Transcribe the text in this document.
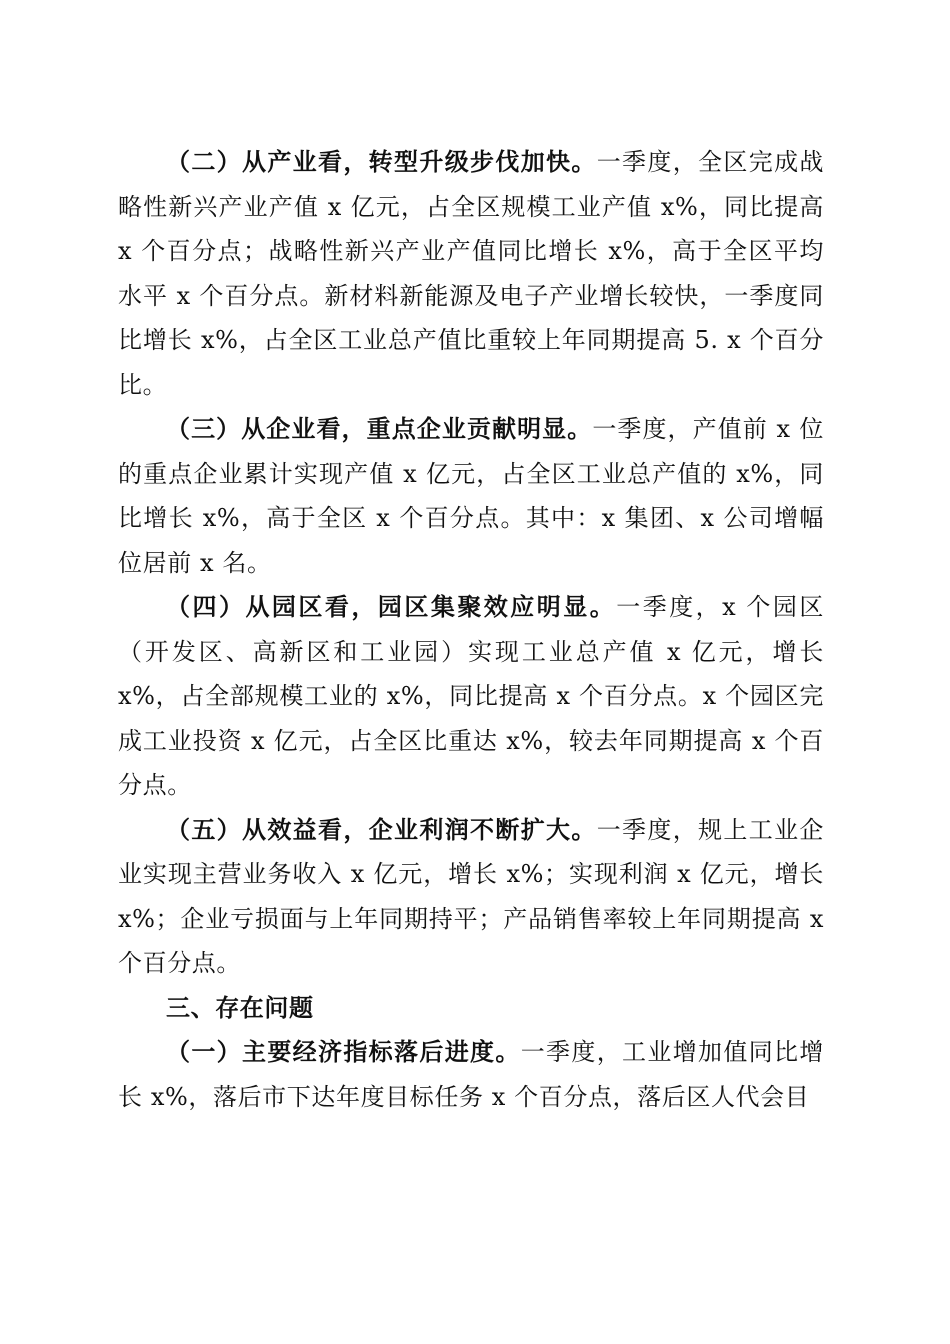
（二）从产业看，转型升级步伐加快。一季度，全区完成战略性新兴产业产值 x 亿元，占全区规模工业产值 x%，同比提高 x 个百分点；战略性新兴产业产值同比增长 x%，高于全区平均水平 x 个百分点。新材料新能源及电子产业增长较快，一季度同比增长 x%，占全区工业总产值比重较上年同期提高 5. x 个百分比。

（三）从企业看，重点企业贡献明显。一季度，产值前 x 位的重点企业累计实现产值 x 亿元，占全区工业总产值的 x%，同比增长 x%，高于全区 x 个百分点。其中：x 集团、x 公司增幅位居前 x 名。

（四）从园区看，园区集聚效应明显。一季度，x 个园区（开发区、高新区和工业园）实现工业总产值 x 亿元，增长 x%，占全部规模工业的 x%，同比提高 x 个百分点。x 个园区完成工业投资 x 亿元，占全区比重达 x%，较去年同期提高 x 个百分点。

（五）从效益看，企业利润不断扩大。一季度，规上工业企业实现主营业务收入 x 亿元，增长 x%；实现利润 x 亿元，增长 x%；企业亏损面与上年同期持平；产品销售率较上年同期提高 x 个百分点。

三、存在问题

（一）主要经济指标落后进度。一季度，工业增加值同比增长 x%，落后市下达年度目标任务 x 个百分点，落后区人代会目
